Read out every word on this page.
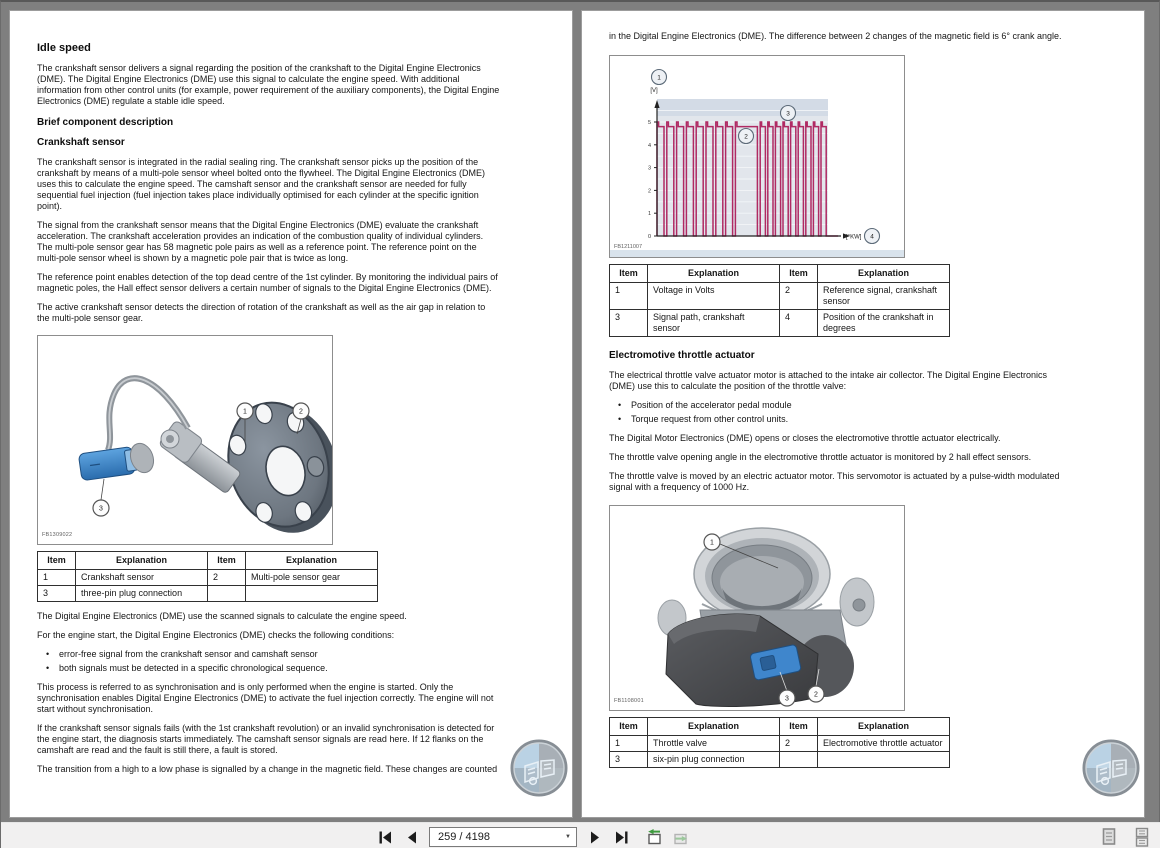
Idle speed

The crankshaft sensor delivers a signal regarding the position of the crankshaft to the Digital Engine Electronics (DME). The Digital Engine Electronics (DME) use this signal to calculate the engine speed. With additional information from other control units (for example, power requirement of the auxiliary components), the Digital Engine Electronics (DME) regulate a stable idle speed.

Brief component description
Crankshaft sensor

The crankshaft sensor is integrated in the radial sealing ring. The crankshaft sensor picks up the position of the crankshaft by means of a multi-pole sensor wheel bolted onto the flywheel. The Digital Engine Electronics (DME) uses this to calculate the engine speed. The camshaft sensor and the crankshaft sensor are needed for fully sequential fuel injection (fuel injection takes place individually optimised for each cylinder at the specific ignition point).

The signal from the crankshaft sensor means that the Digital Engine Electronics (DME) evaluate the crankshaft acceleration. The crankshaft acceleration provides an indication of the combustion quality of individual cylinders. The multi-pole sensor gear has 58 magnetic pole pairs as well as a reference point. The reference point on the multi-pole sensor wheel is shown by a magnetic pole pair that is twice as long.

The reference point enables detection of the top dead centre of the 1st cylinder. By monitoring the individual pairs of magnetic poles, the Hall effect sensor delivers a certain number of signals to the Digital Engine Electronics (DME).

The active crankshaft sensor detects the direction of rotation of the crankshaft as well as the air gap in relation to the multi-pole sensor gear.

1	2
3
FB1309022
Item	Explanation	Item	Explanation
1	Crankshaft sensor	2	Multi-pole sensor gear
3	three-pin plug connection		

The Digital Engine Electronics (DME) use the scanned signals to calculate the engine speed.

For the engine start, the Digital Engine Electronics (DME) checks the following conditions:

• error-free signal from the crankshaft sensor and camshaft sensor
• both signals must be detected in a specific chronological sequence.

This process is referred to as synchronisation and is only performed when the engine is started. Only the synchronisation enables Digital Engine Electronics (DME) to activate the fuel injection correctly. The engine will not start without synchronisation.

If the crankshaft sensor signals fails (with the 1st crankshaft revolution) or an invalid synchronisation is detected for the engine start, the diagnosis starts immediately. The camshaft sensor signals are read here. If 12 flanks on the camshaft are read and the fault is still there, a fault is stored.

The transition from a high to a low phase is signalled by a change in the magnetic field. These changes are counted

in the Digital Engine Electronics (DME). The difference between 2 changes of the magnetic field is 6° crank angle.

0
1
2
3
4
5
[V]
[°KW]
1
2
3
4
FB1211007
Item	Explanation	Item	Explanation
1	Voltage in Volts	2	Reference signal, crankshaft sensor
3	Signal path, crankshaft sensor	4	Position of the crankshaft in degrees
Electromotive throttle actuator

The electrical throttle valve actuator motor is attached to the intake air collector. The Digital Engine Electronics (DME) use this to calculate the position of the throttle valve:

• Position of the accelerator pedal module
• Torque request from other control units.

The Digital Motor Electronics (DME) opens or closes the electromotive throttle actuator electrically.

The throttle valve opening angle in the electromotive throttle actuator is monitored by 2 hall effect sensors.

The throttle valve is moved by an electric actuator motor. This servomotor is actuated by a pulse-width modulated signal with a frequency of 1000 Hz.

1
2
3
FB1108001
Item	Explanation	Item	Explanation
1	Throttle valve	2	Electromotive throttle actuator
3	six-pin plug connection		
259 / 4198	▼
